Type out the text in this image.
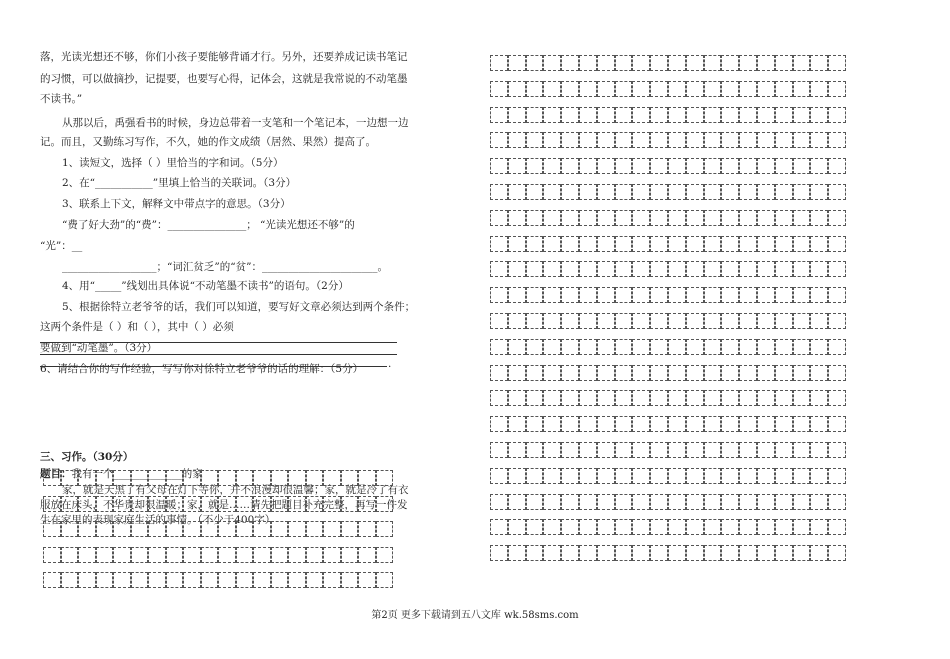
落，光读光想还不够，你们小孩子要能够背诵才行。另外，还要养成记读书笔记
的习惯，可以做摘抄，记提要，也要写心得，记体会，这就是我常说的不动笔墨
不读书。”
从那以后，禹强看书的时候，身边总带着一支笔和一个笔记本，一边想一边
记。而且，又勤练习写作，不久，她的作文成绩（居然、果然）提高了。
1、读短文，选择（ ）里恰当的字和词。（5分）
2、在“___________”里填上恰当的关联词。（3分）
3、联系上下文，解释文中带点字的意思。（3分）
“费了好大劲”的“费”：_______________； “光读光想还不够”的
“光”：__
__________________；“词汇贫乏”的“贫”：______________________。
4、用“_____”线划出具体说“不动笔墨不读书”的语句。（2分）
5、根据徐特立老爷爷的话，我们可以知道，要写好文章必须达到两个条件；
这两个条件是（ ）和（ ），其中（ ）必须
要做到“动笔墨”。（3分）
6、请结合你的写作经验，写写你对徐特立老爷爷的话的理解：（5分）
三、习作。（30分）
题目：我有一个_____________的家
家，就是天黑了有父母在灯下等你，并不浪漫却很温馨；家，就是冷了有衣
服放在床头，不华贵却很温暖；家，就是……请先把题目补充完整，再写一件发
生在家里的表现家庭生活的事情。（不少于400字）
.
第2页 更多下载请到五八文库 wk.58sms.com
